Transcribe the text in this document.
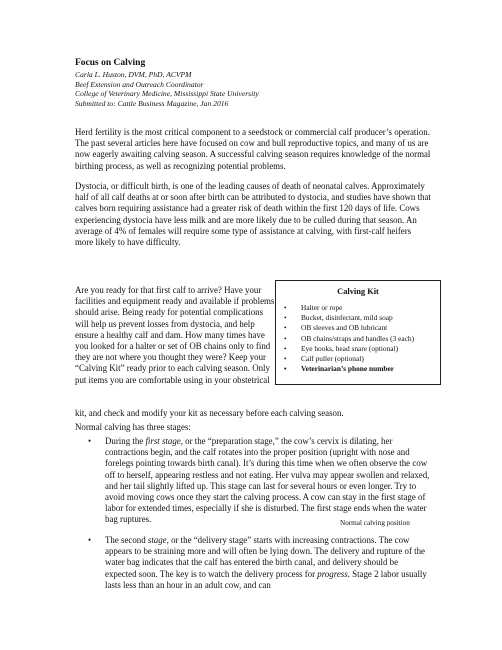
Focus on Calving

Carla L. Huston, DVM, PhD, ACVPM

Beef Extension and Outreach Coordinator

College of Veterinary Medicine, Mississippi State University

Submitted to: Cattle Business Magazine, Jan 2016

Herd fertility is the most critical component to a seedstock or commercial calf producer’s operation. The past several articles here have focused on cow and bull reproductive topics, and many of us are now eagerly awaiting calving season. A successful calving season requires knowledge of the normal birthing process, as well as recognizing potential problems.

Dystocia, or difficult birth, is one of the leading causes of death of neonatal calves. Approximately half of all calf deaths at or soon after birth can be attributed to dystocia, and studies have shown that calves born requiring assistance had a greater risk of death within the first 120 days of life. Cows experiencing dystocia have less milk and are more likely due to be culled during that season. An average of 4% of females will require some type of assistance at calving, with first-calf heifers more likely to have difficulty.

Are you ready for that first calf to arrive? Have your facilities and equipment ready and available if problems should arise. Being ready for potential complications will help us prevent losses from dystocia, and help ensure a healthy calf and dam. How many times have you looked for a halter or set of OB chains only to find they are not where you thought they were? Keep your “Calving Kit” ready prior to each calving season. Only put items you are comfortable using in your obstetrical

Calving Kit
• Halter or rope
• Bucket, disinfectant, mild soap
• OB sleeves and OB lubricant
• OB chains/straps and handles (3 each)
• Eye hooks, head snare (optional)
• Calf puller (optional)
• Veterinarian’s phone number

kit, and check and modify your kit as necessary before each calving season.

Normal calving has three stages:

• During the first stage, or the “preparation stage,” the cow’s cervix is dilating, her contractions begin, and the calf rotates into the proper position (upright with nose and forelegs pointing towards birth canal). It’s during this time when we often observe the cow off to herself, appearing restless and not eating. Her vulva may appear swollen and relaxed, and her tail slightly lifted up. This stage can last for several hours or even longer. Try to avoid moving cows once they start the calving process. A cow can stay in the first stage of labor for extended times, especially if she is disturbed. The first stage ends when the water bag ruptures.	Normal calving position

• The second stage, or the “delivery stage” starts with increasing contractions. The cow appears to be straining more and will often be lying down. The delivery and rupture of the water bag indicates that the calf has entered the birth canal, and delivery should be expected soon. The key is to watch the delivery process for progress. Stage 2 labor usually lasts less than an hour in an adult cow, and can
